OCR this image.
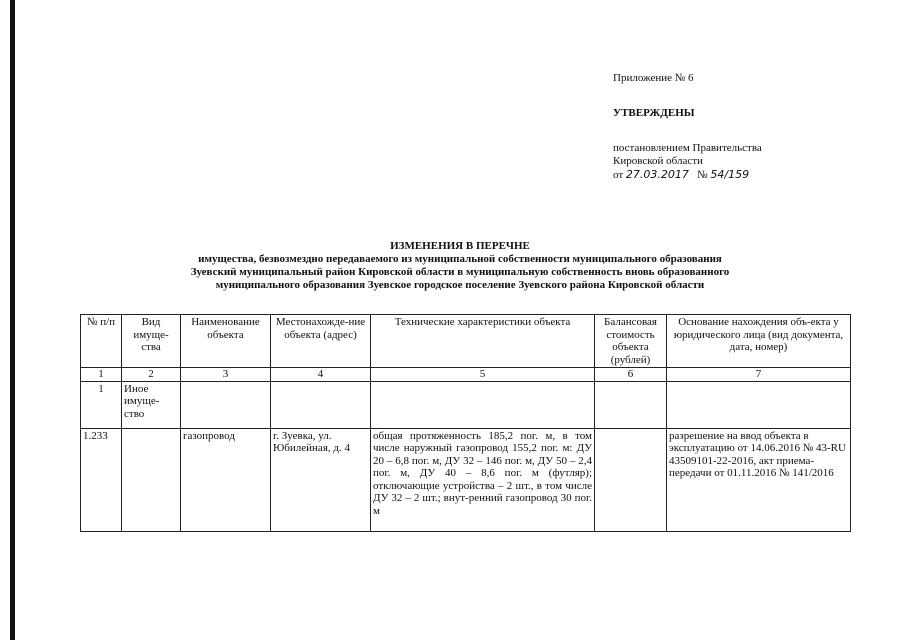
Приложение № 6
УТВЕРЖДЕНЫ
постановлением Правительства
Кировской области
от 27.03.2017 № 54/159
ИЗМЕНЕНИЯ В ПЕРЕЧНЕ
имущества, безвозмездно передаваемого из муниципальной собственности муниципального образования
Зуевский муниципальный район Кировской области в муниципальную собственность вновь образованного
муниципального образования Зуевское городское поселение Зуевского района Кировской области
№ п/п	Вид имуще-ства	Наименование объекта	Местонахожде-ние объекта (адрес)	Технические характеристики объекта	Балансовая стоимость объекта (рублей)	Основание нахождения объ-екта у юридического лица (вид документа, дата, номер)
1	2	3	4	5	6	7
1	Иное имуще-ство					
1.233		газопровод	г. Зуевка, ул. Юбилейная, д. 4	общая протяженность 185,2 пог. м, в том числе наружный газопровод 155,2 пог. м: ДУ 20 – 6,8 пог. м, ДУ 32 – 146 пог. м, ДУ 50 – 2,4 пог. м, ДУ 40 – 8,6 пог. м (футляр); отключающие устройства – 2 шт., в том числе ДУ 32 – 2 шт.; внут-ренний газопровод 30 пог. м		разрешение на ввод объекта в эксплуатацию от 14.06.2016 № 43-RU 43509101-22-2016, акт приема-передачи от 01.11.2016 № 141/2016
